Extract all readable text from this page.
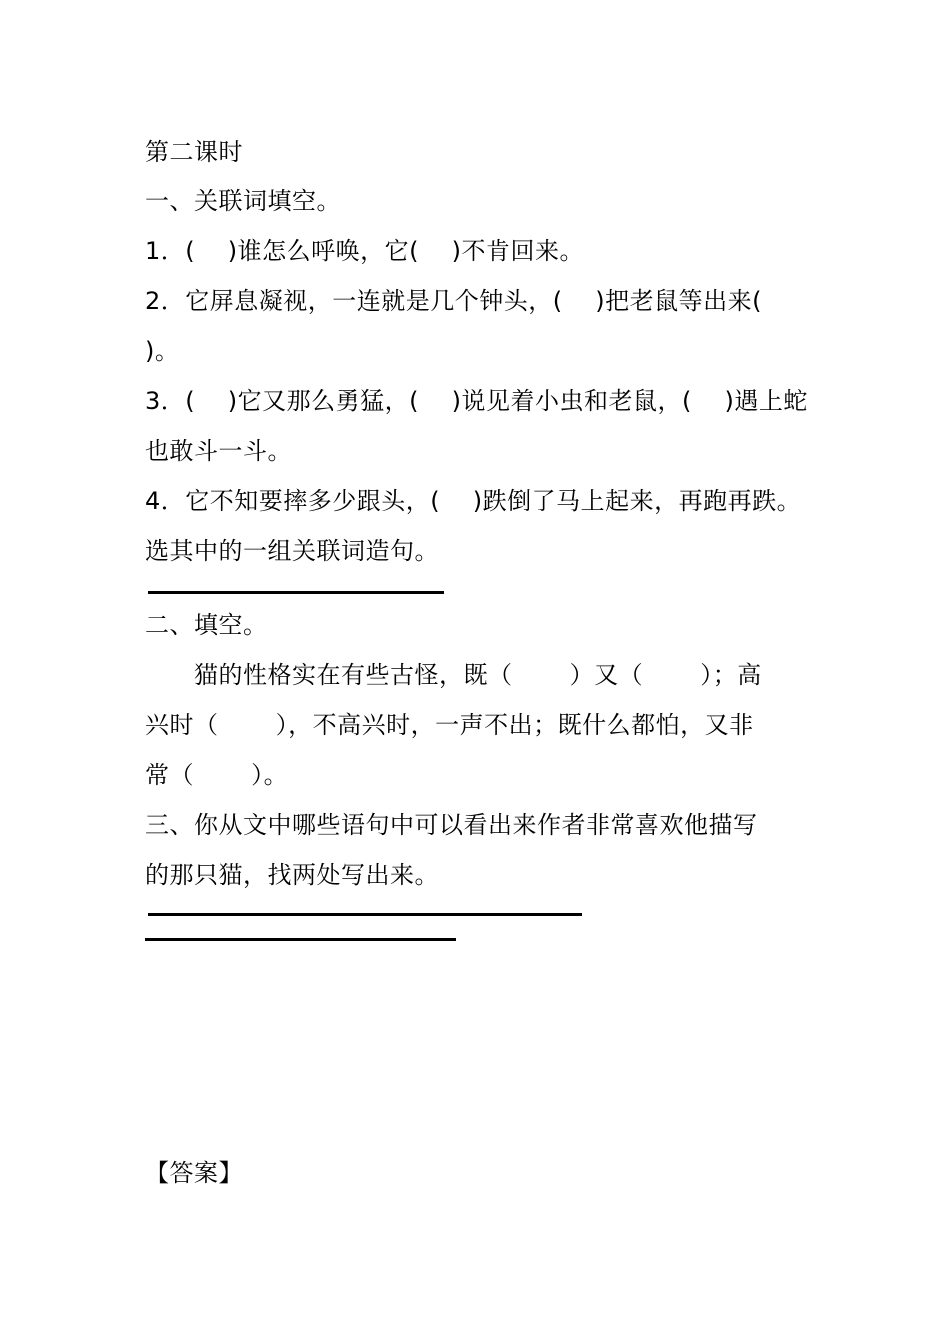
第二课时
一、关联词填空。
1．(　 )谁怎么呼唤，它(　 )不肯回来。
2．它屏息凝视，一连就是几个钟头，(　 )把老鼠等出来(
)。
3．(　 )它又那么勇猛，(　 )说见着小虫和老鼠，(　 )遇上蛇
也敢斗一斗。
4．它不知要摔多少跟头，(　 )跌倒了马上起来，再跑再跌。
选其中的一组关联词造句。
二、填空。
　　猫的性格实在有些古怪，既（　　 ）又（　　 ）；高
兴时（　　 ），不高兴时，一声不出；既什么都怕，又非
常（　　 ）。
三、你从文中哪些语句中可以看出来作者非常喜欢他描写
的那只猫，找两处写出来。
【答案】
